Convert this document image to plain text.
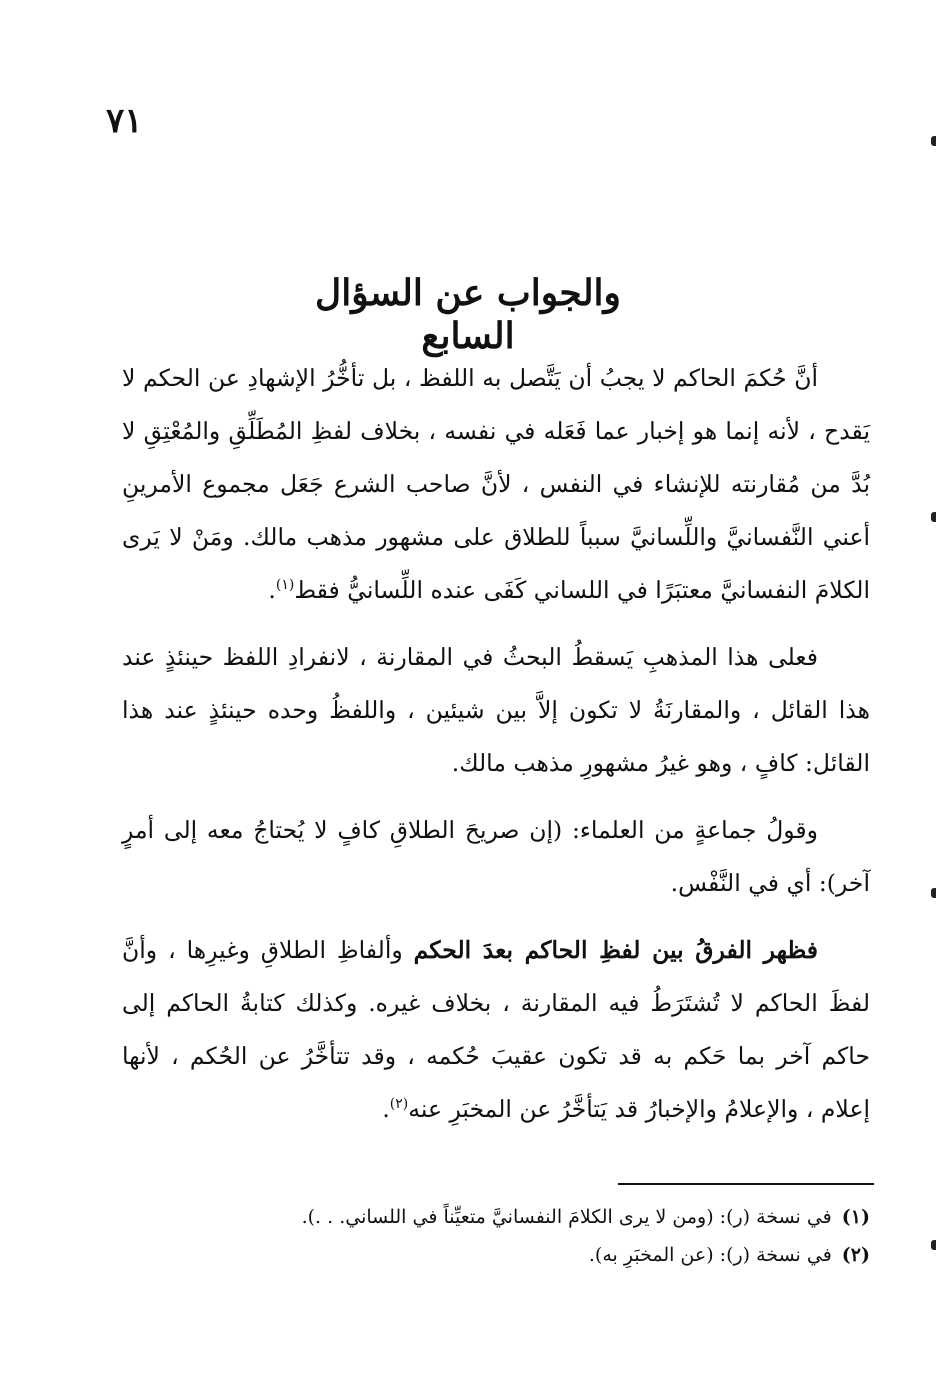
٧١
والجواب عن السؤال السابع

أنَّ حُكمَ الحاكم لا يجبُ أن يَتَّصل به اللفظ ، بل تأخُّرُ الإشهادِ عن الحكم لا يَقدح ، لأنه إنما هو إخبار عما فَعَله في نفسه ، بخلاف لفظِ المُطَلِّقِ والمُعْتِقِ لا بُدَّ من مُقارنته للإنشاء في النفس ، لأنَّ صاحب الشرع جَعَل مجموع الأمرينِ أعني النَّفسانيَّ واللِّسانيَّ سبباً للطلاق على مشهور مذهب مالك. ومَنْ لا يَرى الكلامَ النفسانيَّ معتبَرًا في اللساني كَفَى عنده اللِّسانيُّ فقط$^{(١)}$.

فعلى هذا المذهبِ يَسقطُ البحثُ في المقارنة ، لانفرادِ اللفظ حينئذٍ عند هذا القائل ، والمقارنَةُ لا تكون إلاَّ بين شيئين ، واللفظُ وحده حينئذٍ عند هذا القائل: كافٍ ، وهو غيرُ مشهورِ مذهب مالك.

وقولُ جماعةٍ من العلماء: (إن صريحَ الطلاقِ كافٍ لا يُحتاجُ معه إلى أمرٍ آخر): أي في النَّفْس.

فظهر الفرقُ بين لفظِ الحاكم بعدَ الحكم وألفاظِ الطلاقِ وغيرِها ، وأنَّ لفظَ الحاكم لا تُشتَرَطُ فيه المقارنة ، بخلاف غيره. وكذلك كتابةُ الحاكم إلى حاكم آخر بما حَكم به قد تكون عقيبَ حُكمه ، وقد تتأخَّرُ عن الحُكم ، لأنها إعلام ، والإعلامُ والإخبارُ قد يَتأخَّرُ عن المخبَرِ عنه$^{(٢)}$.

(١)في نسخة (ر): (ومن لا يرى الكلامَ النفسانيَّ متعيِّناً في اللساني. . .).

(٢)في نسخة (ر): (عن المخبَرِ به).
